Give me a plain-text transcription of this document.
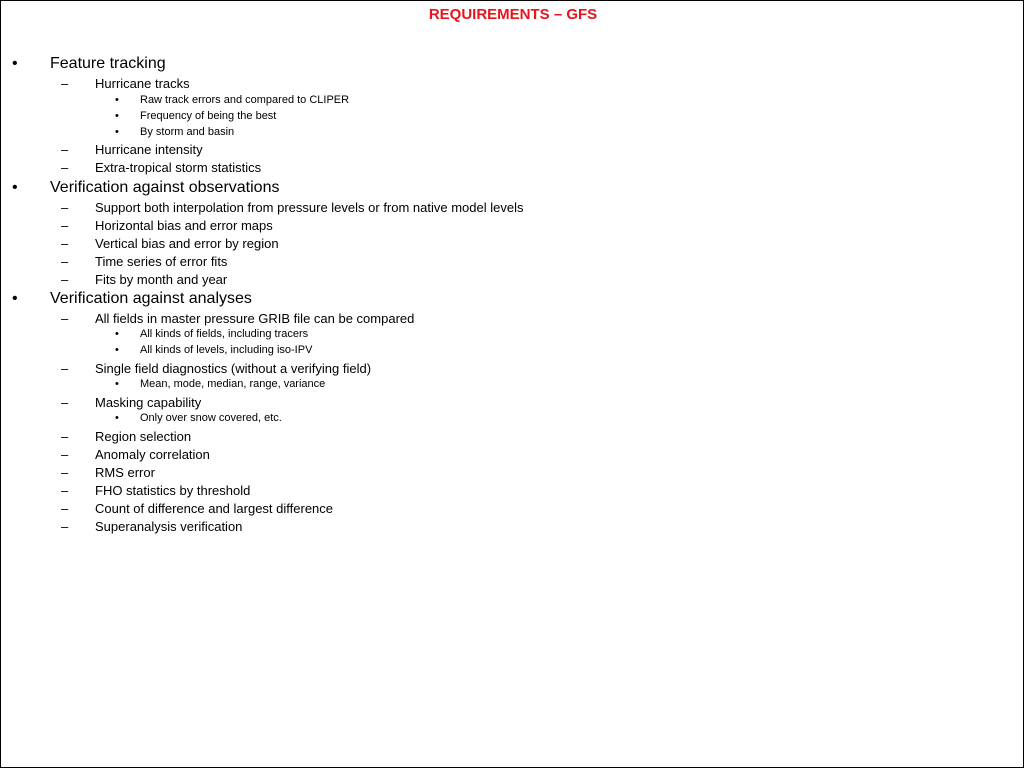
REQUIREMENTS – GFS
• Feature tracking
– Hurricane tracks
• Raw track errors and compared to CLIPER
• Frequency of being the best
• By storm and basin
– Hurricane intensity
– Extra-tropical storm statistics
• Verification against observations
– Support both interpolation from pressure levels or from native model levels
– Horizontal bias and error maps
– Vertical bias and error by region
– Time series of error fits
– Fits by month and year
• Verification against analyses
– All fields in master pressure GRIB file can be compared
• All kinds of fields, including tracers
• All kinds of levels, including iso-IPV
– Single field diagnostics (without a verifying field)
• Mean, mode, median, range, variance
– Masking capability
• Only over snow covered, etc.
– Region selection
– Anomaly correlation
– RMS error
– FHO statistics by threshold
– Count of difference and largest difference
– Superanalysis verification
